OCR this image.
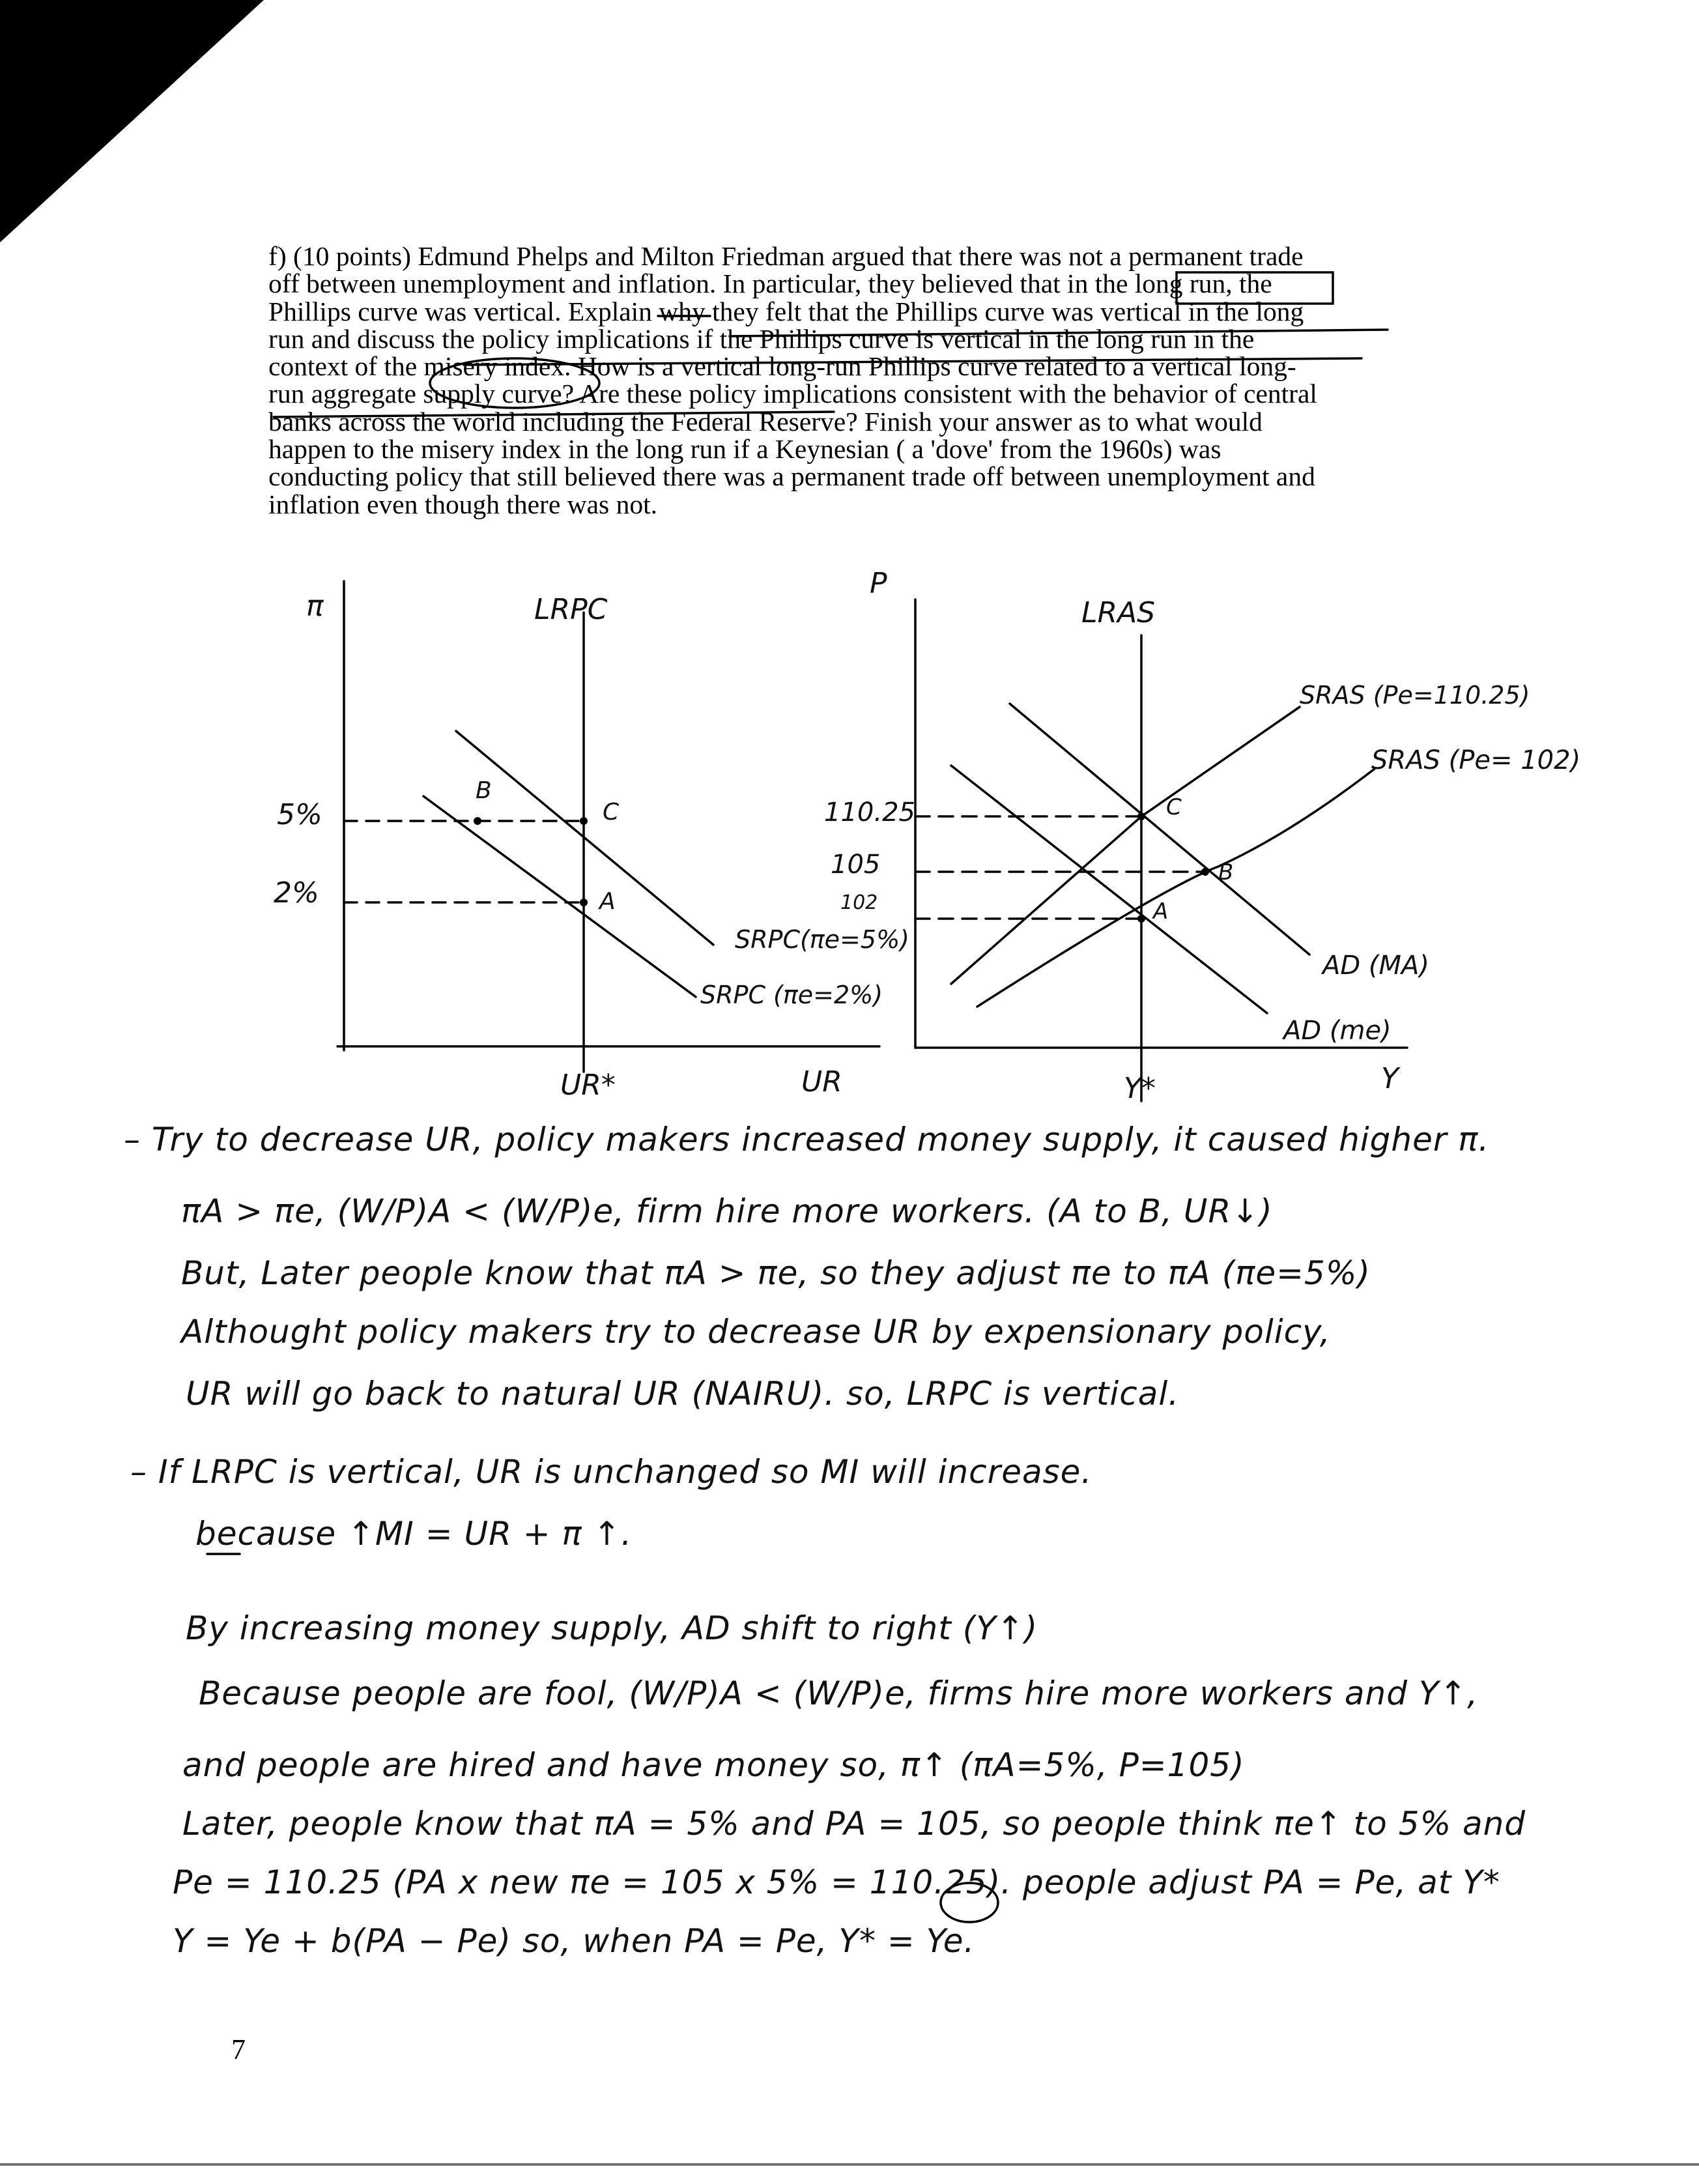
f) (10 points) Edmund Phelps and Milton Friedman argued that there was not a permanent trade
off between unemployment and inflation. In particular, they believed that in the long run, the
Phillips curve was vertical. Explain why they felt that the Phillips curve was vertical in the long
run and discuss the policy implications if the Phillips curve is vertical in the long run in the
context of the misery index. How is a vertical long-run Phillips curve related to a vertical long-
run aggregate supply curve? Are these policy implications consistent with the behavior of central
banks across the world including the Federal Reserve? Finish your answer as to what would
happen to the misery index in the long run if a Keynesian ( a 'dove' from the 1960s) was
conducting policy that still believed there was a permanent trade off between unemployment and
inflation even though there was not.
π	LRPC
UR
UR*
5%
2%
B
C
A
SRPC(πe=5%)
SRPC (πe=2%)
P
LRAS
Y
Y*
110.25
105
102
SRAS (Pe=110.25)
SRAS (Pe= 102)
AD (MA)
AD (me)
A
B
C
– Try to decrease UR, policy makers increased money supply, it caused higher π.
πA > πe, (W/P)A < (W/P)e, firm hire more workers. (A to B, UR↓)
But, Later people know that πA > πe, so they adjust πe to πA (πe=5%)
Althought policy makers try to decrease UR by expensionary policy,
UR will go back to natural UR (NAIRU). so, LRPC is vertical.
– If LRPC is vertical, UR is unchanged so MI will increase.
because ↑MI = UR + π ↑.
By increasing money supply, AD shift to right (Y↑)
Because people are fool, (W/P)A < (W/P)e, firms hire more workers and Y↑,
and people are hired and have money so, π↑ (πA=5%, P=105)
Later, people know that πA = 5% and PA = 105, so people think πe↑ to 5% and
Pe = 110.25 (PA x new πe = 105 x 5% = 110.25). people adjust PA = Pe, at Y*
Y = Ye + b(PA − Pe) so, when PA = Pe, Y* = Ye.
7
